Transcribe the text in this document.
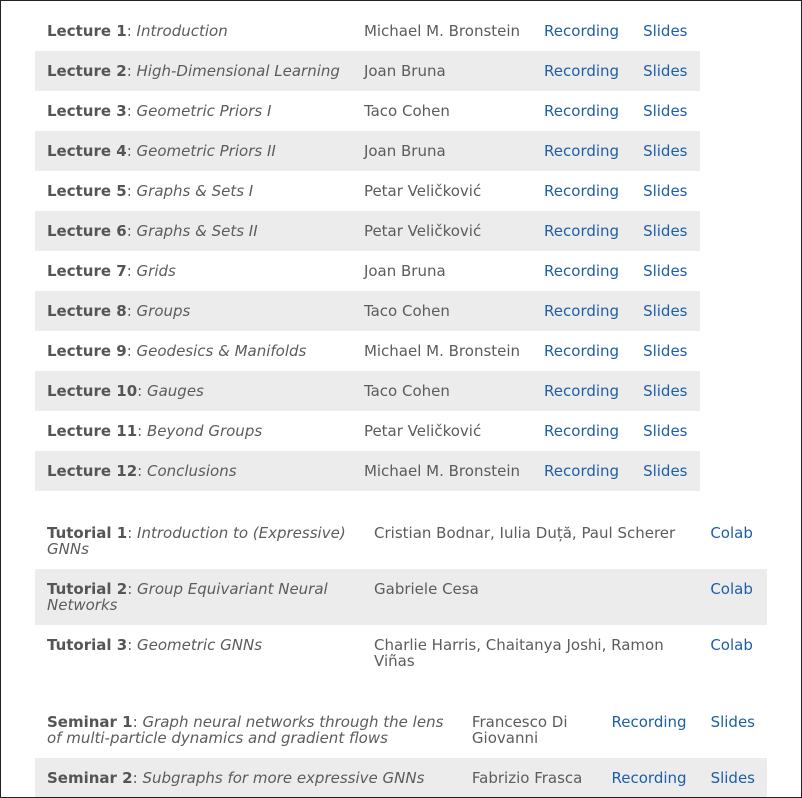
Lecture 1: Introduction	Michael M. Bronstein	Recording	Slides
Lecture 2: High-Dimensional Learning	Joan Bruna	Recording	Slides
Lecture 3: Geometric Priors I	Taco Cohen	Recording	Slides
Lecture 4: Geometric Priors II	Joan Bruna	Recording	Slides
Lecture 5: Graphs & Sets I	Petar Veličković	Recording	Slides
Lecture 6: Graphs & Sets II	Petar Veličković	Recording	Slides
Lecture 7: Grids	Joan Bruna	Recording	Slides
Lecture 8: Groups	Taco Cohen	Recording	Slides
Lecture 9: Geodesics & Manifolds	Michael M. Bronstein	Recording	Slides
Lecture 10: Gauges	Taco Cohen	Recording	Slides
Lecture 11: Beyond Groups	Petar Veličković	Recording	Slides
Lecture 12: Conclusions	Michael M. Bronstein	Recording	Slides
Tutorial 1: Introduction to (Expressive) GNNs	Cristian Bodnar, Iulia Duță, Paul Scherer	Colab
Tutorial 2: Group Equivariant Neural Networks	Gabriele Cesa	Colab
Tutorial 3: Geometric GNNs	Charlie Harris, Chaitanya Joshi, Ramon Viñas	Colab
Seminar 1: Graph neural networks through the lens of multi-particle dynamics and gradient flows	Francesco Di Giovanni	Recording	Slides
Seminar 2: Subgraphs for more expressive GNNs	Fabrizio Frasca	Recording	Slides
